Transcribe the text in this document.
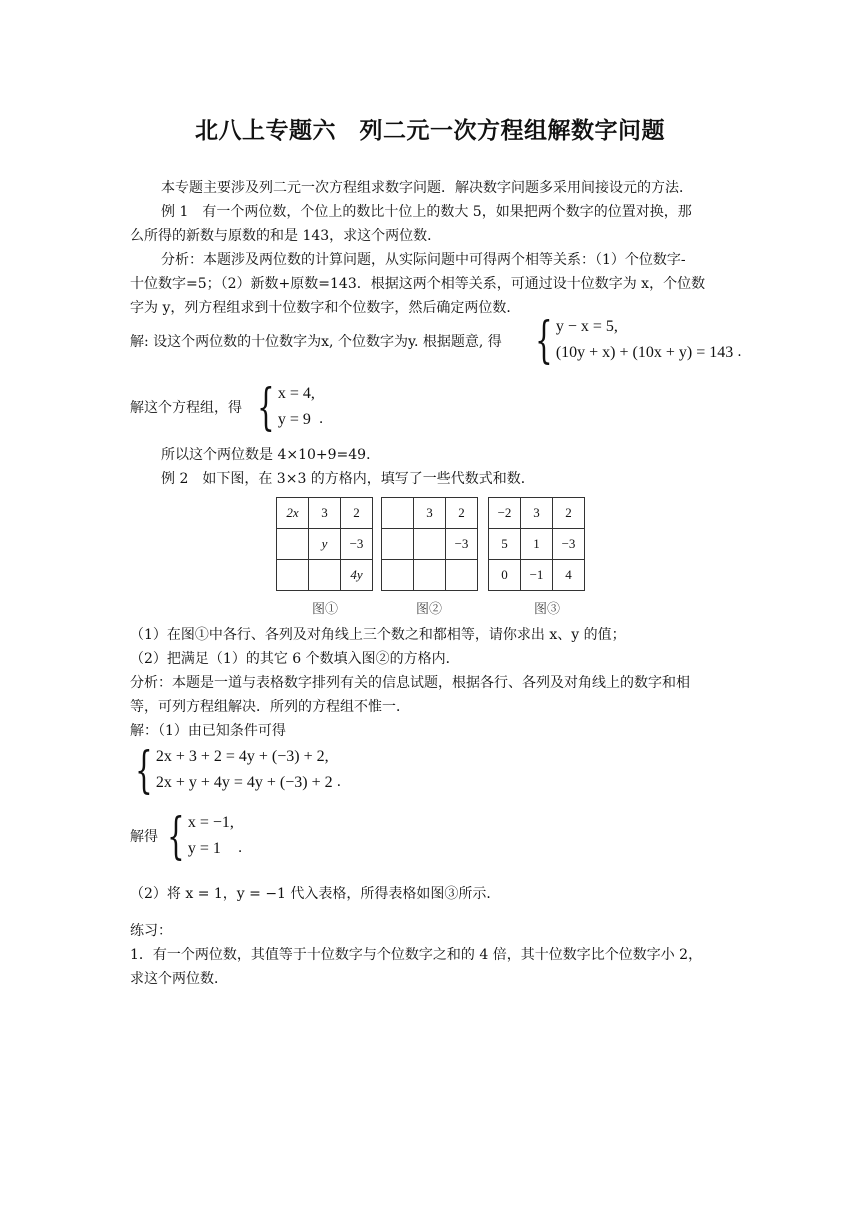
北八上专题六　列二元一次方程组解数字问题
本专题主要涉及列二元一次方程组求数字问题．解决数字问题多采用间接设元的方法．
例 1　有一个两位数，个位上的数比十位上的数大 5，如果把两个数字的位置对换，那
么所得的新数与原数的和是 143，求这个两位数．
分析：本题涉及两位数的计算问题，从实际问题中可得两个相等关系：（1）个位数字-
十位数字=5；（2）新数+原数=143．根据这两个相等关系，可通过设十位数字为 x，个位数
字为 y，列方程组求到十位数字和个位数字，然后确定两位数．
解: 设这个两位数的十位数字为x, 个位数字为y. 根据题意, 得 { y − x = 5,
(10y + x) + (10x + y) = 143 .
解这个方程组，得 { x = 4,
y = 9 .
所以这个两位数是 4×10+9=49．
例 2　如下图，在 3×3 的方格内，填写了一些代数式和数．
2x	3	2
	y	−3
		4y
	3	2
		−3

−2	3	2
5	1	−3
0	−1	4
图①	图②	图③
（1）在图①中各行、各列及对角线上三个数之和都相等，请你求出 x、y 的值；
（2）把满足（1）的其它 6 个数填入图②的方格内．
分析：本题是一道与表格数字排列有关的信息试题，根据各行、各列及对角线上的数字和相
等，可列方程组解决．所列的方程组不惟一．
解：（1）由已知条件可得
{ 2x + 3 + 2 = 4y + (−3) + 2,
2x + y + 4y = 4y + (−3) + 2 .
解得 { x = −1,
y = 1	.
（2）将 x = 1，y = −1 代入表格，所得表格如图③所示．
练习：
1．有一个两位数，其值等于十位数字与个位数字之和的 4 倍，其十位数字比个位数字小 2，
求这个两位数．
